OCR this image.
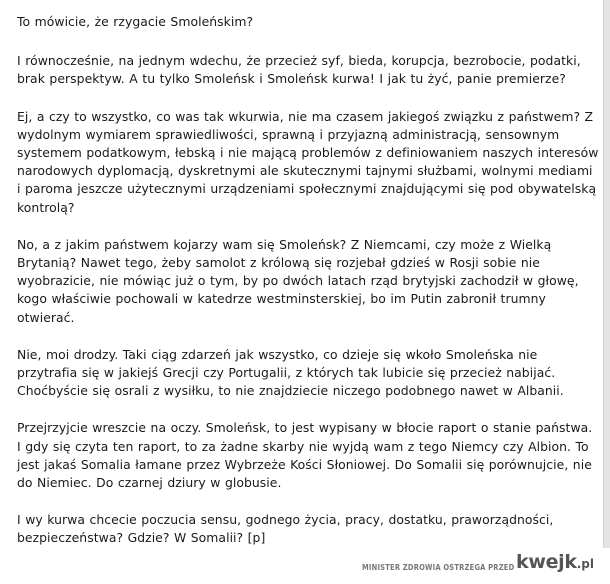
To mówicie, że rzygacie Smoleńskim?

I równocześnie, na jednym wdechu, że przecież syf, bieda, korupcja, bezrobocie, podatki, brak perspektyw. A tu tylko Smoleńsk i Smoleńsk kurwa! I jak tu żyć, panie premierze?

Ej, a czy to wszystko, co was tak wkurwia, nie ma czasem jakiegoś związku z państwem? Z wydolnym wymiarem sprawiedliwości, sprawną i przyjazną administracją, sensownym systemem podatkowym, łebską i nie mającą problemów z definiowaniem naszych interesów narodowych dyplomacją, dyskretnymi ale skutecznymi tajnymi służbami, wolnymi mediami i paroma jeszcze użytecznymi urządzeniami społecznymi znajdującymi się pod obywatelską kontrolą?

No, a z jakim państwem kojarzy wam się Smoleńsk? Z Niemcami, czy może z Wielką Brytanią? Nawet tego, żeby samolot z królową się rozjebał gdzieś w Rosji sobie nie wyobrazicie, nie mówiąc już o tym, by po dwóch latach rząd brytyjski zachodził w głowę, kogo właściwie pochowali w katedrze westminsterskiej, bo im Putin zabronił trumny otwierać.

Nie, moi drodzy. Taki ciąg zdarzeń jak wszystko, co dzieje się wkoło Smoleńska nie przytrafia się w jakiejś Grecji czy Portugalii, z których tak lubicie się przecież nabijać. Choćbyście się osrali z wysiłku, to nie znajdziecie niczego podobnego nawet w Albanii.

Przejrzyjcie wreszcie na oczy. Smoleńsk, to jest wypisany w błocie raport o stanie państwa. I gdy się czyta ten raport, to za żadne skarby nie wyjdą wam z tego Niemcy czy Albion. To jest jakaś Somalia łamane przez Wybrzeże Kości Słoniowej. Do Somalii się porównujcie, nie do Niemiec. Do czarnej dziury w globusie.

I wy kurwa chcecie poczucia sensu, godnego życia, pracy, dostatku, praworządności, bezpieczeństwa? Gdzie? W Somalii? [p]

MINISTER ZDROWIA OSTRZEGA PRZED kwejk.pl
